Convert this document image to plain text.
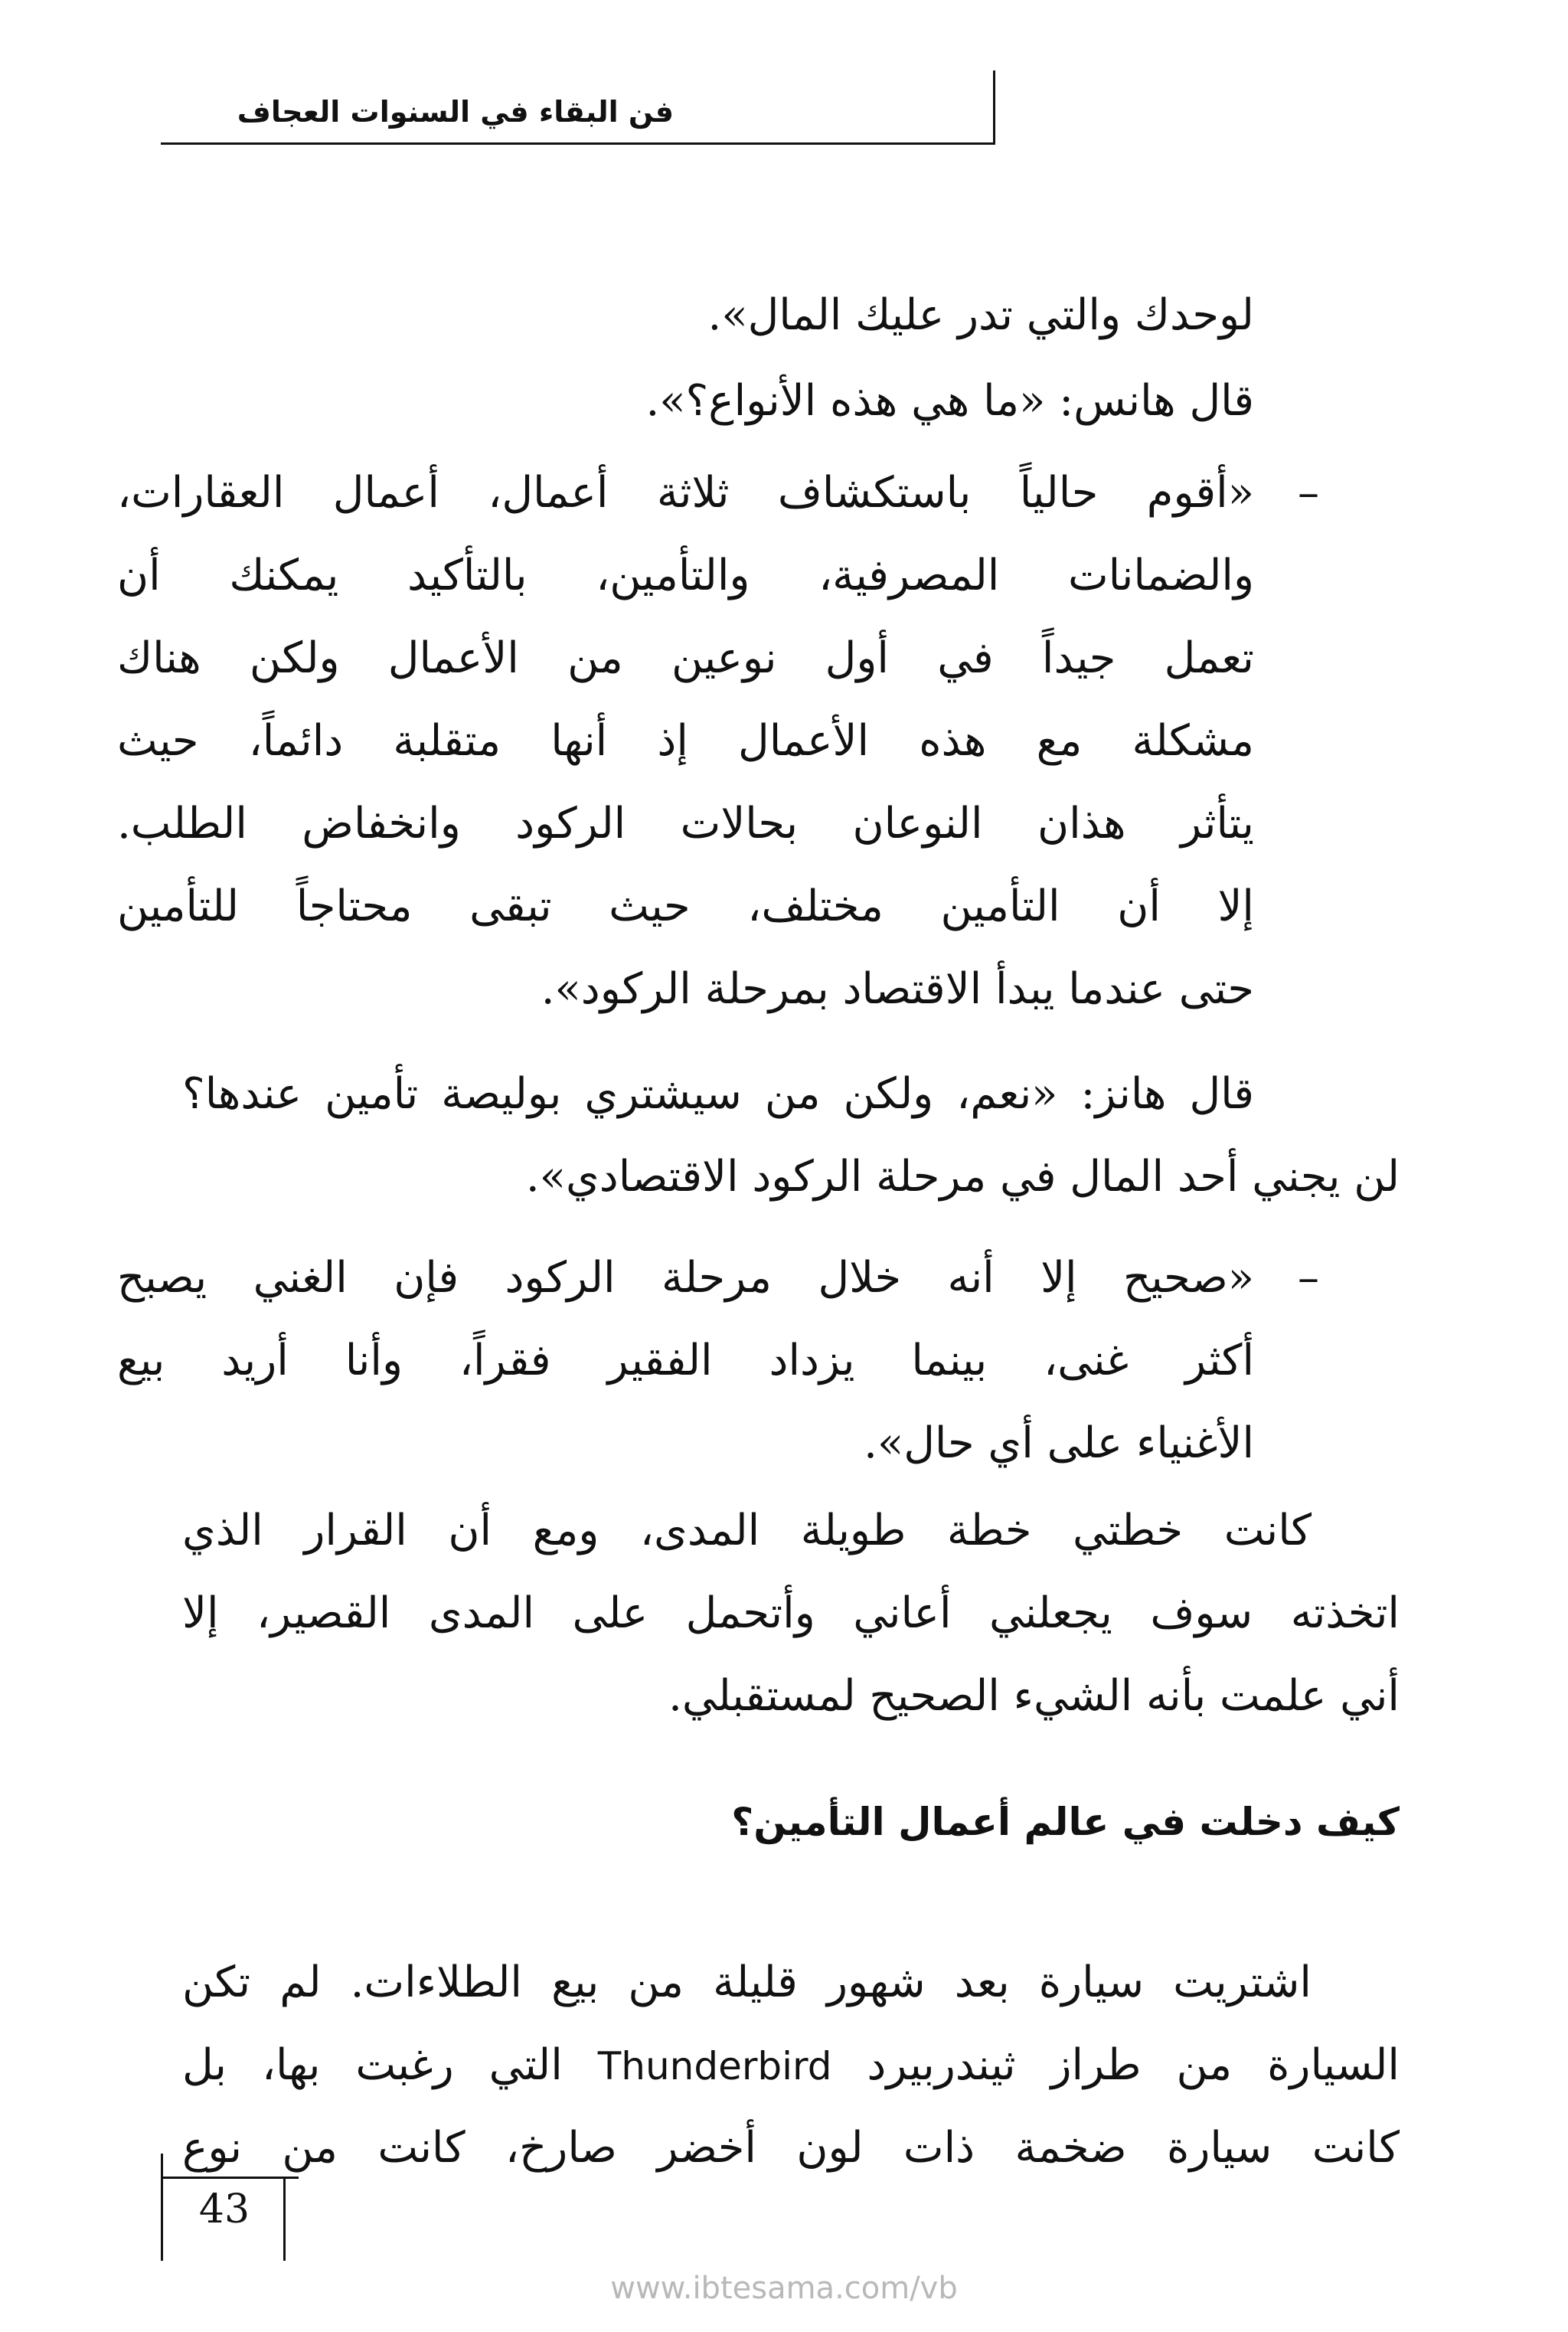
فن البقاء في السنوات العجاف
لوحدك والتي تدر عليك المال».
قال هانس: «ما هي هذه الأنواع؟».
–
«أقوم حالياً باستكشاف ثلاثة أعمال، أعمال العقارات،
والضمانات المصرفية، والتأمين، بالتأكيد يمكنك أن
تعمل جيداً في أول نوعين من الأعمال ولكن هناك
مشكلة مع هذه الأعمال إذ أنها متقلبة دائماً، حيث
يتأثر هذان النوعان بحالات الركود وانخفاض الطلب.
إلا أن التأمين مختلف، حيث تبقى محتاجاً للتأمين
حتى عندما يبدأ الاقتصاد بمرحلة الركود».
قال هانز: «نعم، ولكن من سيشتري بوليصة تأمين عندها؟
لن يجني أحد المال في مرحلة الركود الاقتصادي».
–
«صحيح إلا أنه خلال مرحلة الركود فإن الغني يصبح
أكثر غنى، بينما يزداد الفقير فقراً، وأنا أريد بيع
الأغنياء على أي حال».
كانت خطتي خطة طويلة المدى، ومع أن القرار الذي
اتخذته سوف يجعلني أعاني وأتحمل على المدى القصير، إلا
أني علمت بأنه الشيء الصحيح لمستقبلي.
كيف دخلت في عالم أعمال التأمين؟
اشتريت سيارة بعد شهور قليلة من بيع الطلاءات. لم تكن
السيارة من طراز ثيندربيرد Thunderbird التي رغبت بها، بل
كانت سيارة ضخمة ذات لون أخضر صارخ، كانت من نوع
43
www.ibtesama.com/vb
